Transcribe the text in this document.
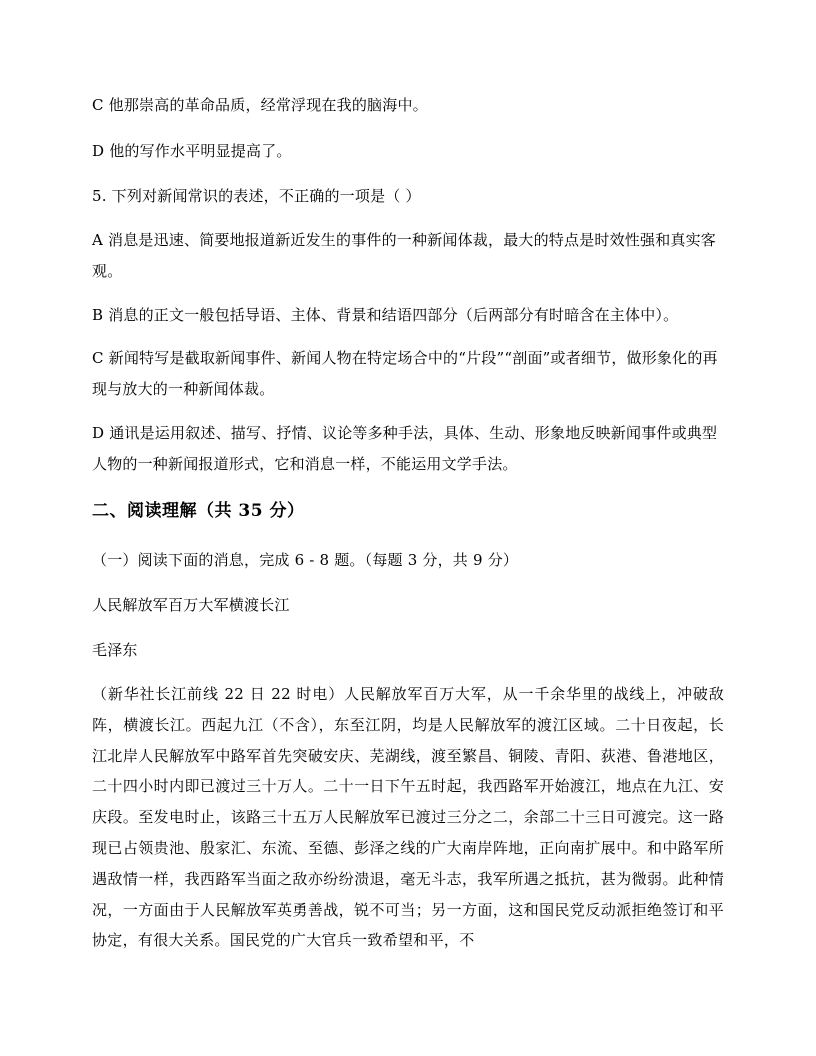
C 他那崇高的革命品质，经常浮现在我的脑海中。
D 他的写作水平明显提高了。
5. 下列对新闻常识的表述，不正确的一项是（ ）
A 消息是迅速、简要地报道新近发生的事件的一种新闻体裁，最大的特点是时效性强和真实客观。
B 消息的正文一般包括导语、主体、背景和结语四部分（后两部分有时暗含在主体中）。
C 新闻特写是截取新闻事件、新闻人物在特定场合中的“片段”“剖面”或者细节，做形象化的再现与放大的一种新闻体裁。
D 通讯是运用叙述、描写、抒情、议论等多种手法，具体、生动、形象地反映新闻事件或典型人物的一种新闻报道形式，它和消息一样，不能运用文学手法。
二、阅读理解（共 35 分）
（一）阅读下面的消息，完成 6 - 8 题。（每题 3 分，共 9 分）
人民解放军百万大军横渡长江
毛泽东
（新华社长江前线 22 日 22 时电）人民解放军百万大军，从一千余华里的战线上，冲破敌阵，横渡长江。西起九江（不含），东至江阴，均是人民解放军的渡江区域。二十日夜起，长江北岸人民解放军中路军首先突破安庆、芜湖线，渡至繁昌、铜陵、青阳、荻港、鲁港地区，二十四小时内即已渡过三十万人。二十一日下午五时起，我西路军开始渡江，地点在九江、安庆段。至发电时止，该路三十五万人民解放军已渡过三分之二，余部二十三日可渡完。这一路现已占领贵池、殷家汇、东流、至德、彭泽之线的广大南岸阵地，正向南扩展中。和中路军所遇敌情一样，我西路军当面之敌亦纷纷溃退，毫无斗志，我军所遇之抵抗，甚为微弱。此种情况，一方面由于人民解放军英勇善战，锐不可当；另一方面，这和国民党反动派拒绝签订和平协定，有很大关系。国民党的广大官兵一致希望和平，不
